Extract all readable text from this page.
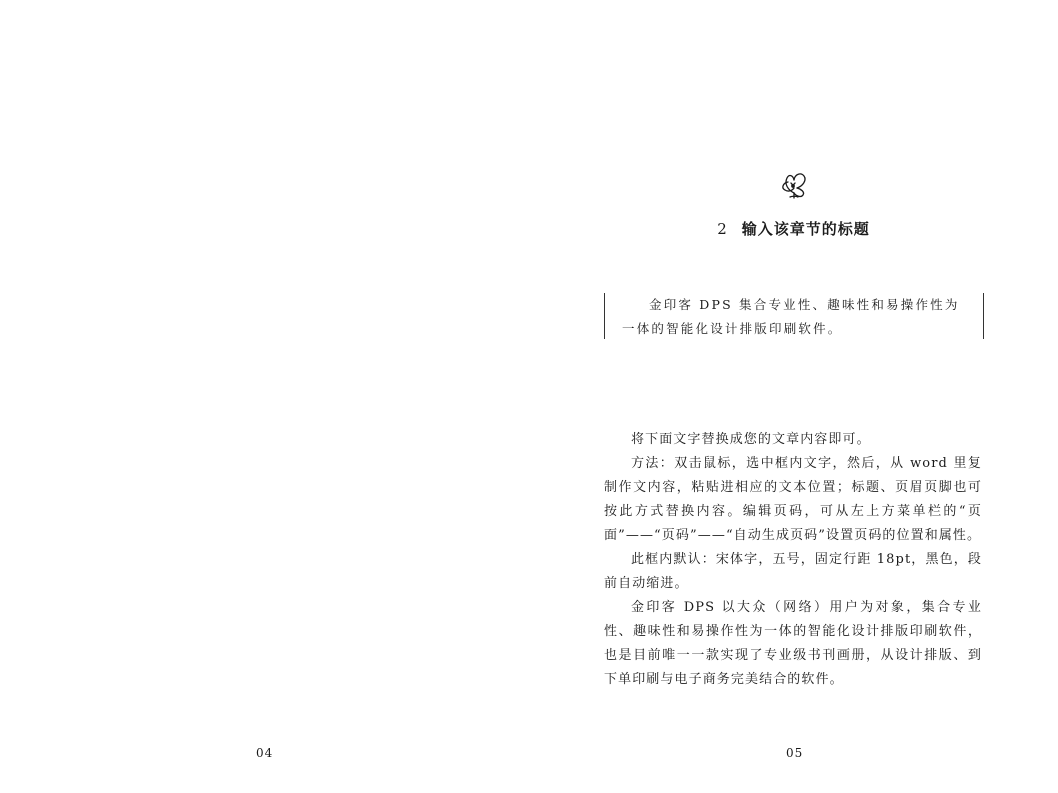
04
2 输入该章节的标题

金印客 DPS 集合专业性、趣味性和易操作性为一体的智能化设计排版印刷软件。

将下面文字替换成您的文章内容即可。

方法：双击鼠标，选中框内文字，然后，从 word 里复制作文内容，粘贴进相应的文本位置；标题、页眉页脚也可按此方式替换内容。编辑页码，可从左上方菜单栏的“页面”——“页码”——“自动生成页码”设置页码的位置和属性。

此框内默认：宋体字，五号，固定行距 18pt，黑色，段前自动缩进。

金印客 DPS 以大众（网络）用户为对象，集合专业性、趣味性和易操作性为一体的智能化设计排版印刷软件，也是目前唯一一款实现了专业级书刊画册，从设计排版、到下单印刷与电子商务完美结合的软件。

05
